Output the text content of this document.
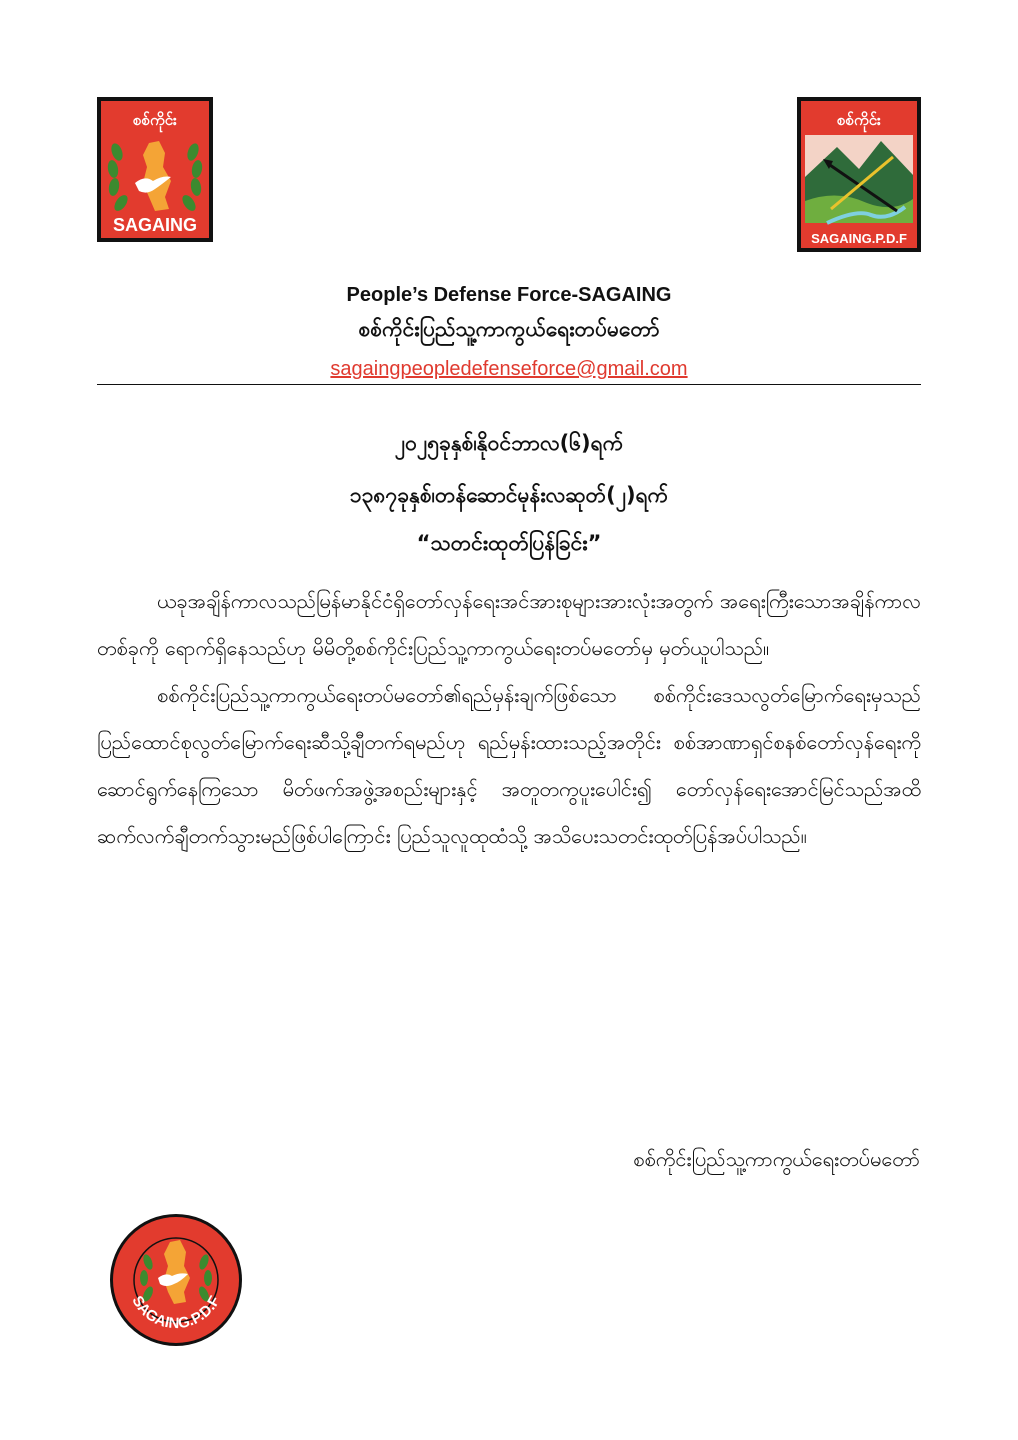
စစ်ကိုင်း
SAGAING
စစ်ကိုင်း
SAGAING.P.D.F
People’s Defense Force-SAGAING
စစ်ကိုင်းပြည်သူ့ကာကွယ်ရေးတပ်မတော်
sagaingpeopledefenseforce@gmail.com
၂၀၂၅ခုနှစ်၊နိုဝင်ဘာလ(၆)ရက်
၁၃၈၇ခုနှစ်၊တန်ဆောင်မုန်းလဆုတ်(၂)ရက်
“သတင်းထုတ်ပြန်ခြင်း”

ယခုအချိန်ကာလသည်မြန်မာနိုင်ငံရှိတော်လှန်ရေးအင်အားစုများအားလုံးအတွက် အရေးကြီးသောအချိန်ကာလတစ်ခုကို ရောက်ရှိနေသည်ဟု မိမိတို့စစ်ကိုင်းပြည်သူ့ကာကွယ်ရေးတပ်မတော်မှ မှတ်ယူပါသည်။

စစ်ကိုင်းပြည်သူ့ကာကွယ်ရေးတပ်မတော်၏ရည်မှန်းချက်ဖြစ်သော စစ်ကိုင်းဒေသလွတ်မြောက်ရေးမှသည် ပြည်ထောင်စုလွတ်မြောက်ရေးဆီသို့ချီတက်ရမည်ဟု ရည်မှန်းထားသည့်အတိုင်း စစ်အာဏာရှင်စနစ်တော်လှန်ရေးကိုဆောင်ရွက်နေကြသော မိတ်ဖက်အဖွဲ့အစည်းများနှင့် အတူတကွပူးပေါင်း၍ တော်လှန်ရေးအောင်မြင်သည်အထိဆက်လက်ချီတက်သွားမည်ဖြစ်ပါကြောင်း ပြည်သူလူထုထံသို့ အသိပေးသတင်းထုတ်ပြန်အပ်ပါသည်။

စစ်ကိုင်းပြည်သူ့ကာကွယ်ရေးတပ်မတော်
SAGAING.P.D.F
